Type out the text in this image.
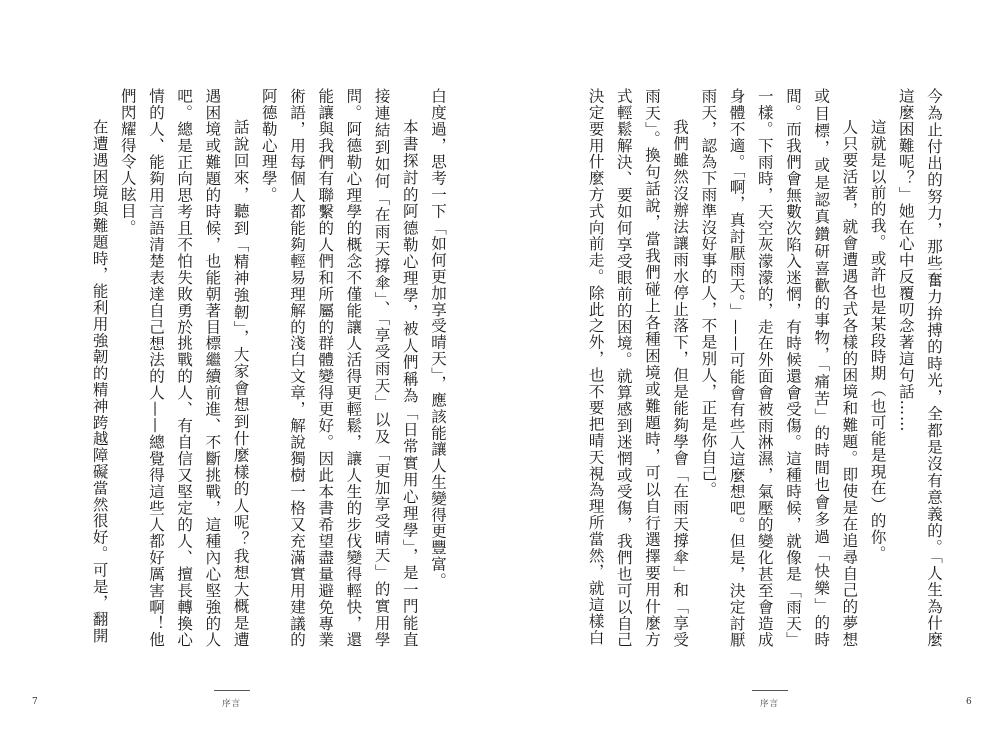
白度過，思考一下「如何更加享受晴天」，應該能讓人生變得更豐富。

本書探討的阿德勒心理學，被人們稱為「日常實用心理學」，是一門能直接連結到如何「在雨天撐傘」、「享受雨天」以及「更加享受晴天」的實用學問。阿德勒心理學的概念不僅能讓人活得更輕鬆，讓人生的步伐變得輕快，還能讓與我們有聯繫的人們和所屬的群體變得更好。因此本書希望盡量避免專業術語，用每個人都能夠輕易理解的淺白文章，解說獨樹一格又充滿實用建議的阿德勒心理學。

話說回來，聽到「精神強韌」，大家會想到什麼樣的人呢？我想大概是遭遇困境或難題的時候，也能朝著目標繼續前進、不斷挑戰，這種內心堅強的人吧。總是正向思考且不怕失敗勇於挑戰的人、有自信又堅定的人、擅長轉換心情的人、能夠用言語清楚表達自己想法的人——總覺得這些人都好厲害啊！他們閃耀得令人眩目。

在遭遇困境與難題時，能利用強韌的精神跨越障礙當然很好。可是，翻開

序言
7

今為止付出的努力，那些奮力拚搏的時光，全都是沒有意義的。「人生為什麼這麼困難呢？」她在心中反覆叨念著這句話……

這就是以前的我。或許也是某段時期（也可能是現在）的你。

人只要活著，就會遭遇各式各樣的困境和難題。即使是在追尋自己的夢想或目標，或是認真鑽研喜歡的事物，「痛苦」的時間也會多過「快樂」的時間。而我們會無數次陷入迷惘，有時候還會受傷。這種時候，就像是「雨天」一樣。下雨時，天空灰濛濛的，走在外面會被雨淋濕，氣壓的變化甚至會造成身體不適。「啊，真討厭雨天。」——可能會有些人這麼想吧。但是，決定討厭雨天，認為下雨準沒好事的人，不是別人，正是你自己。

我們雖然沒辦法讓雨水停止落下，但是能夠學會「在雨天撐傘」和「享受雨天」。換句話說，當我們碰上各種困境或難題時，可以自行選擇要用什麼方式輕鬆解決、要如何享受眼前的困境。就算感到迷惘或受傷，我們也可以自己決定要用什麼方式向前走。除此之外，也不要把晴天視為理所當然，就這樣白

序言	6
